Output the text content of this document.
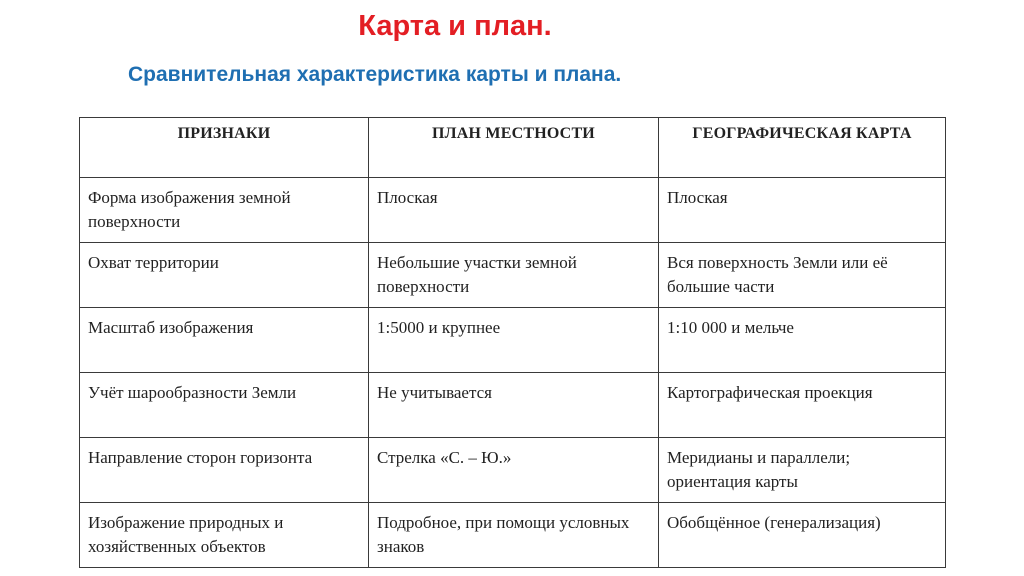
Карта и план.
Сравнительная характеристика карты и плана.
ПРИЗНАКИ	ПЛАН МЕСТНОСТИ	ГЕОГРАФИЧЕСКАЯ КАРТА
Форма изображения земной поверхности	Плоская	Плоская
Охват территории	Небольшие участки земной поверхности	Вся поверхность Земли или её большие части
Масштаб изображения	1:5000 и крупнее	1:10 000 и мельче
Учёт шарообразности Земли	Не учитывается	Картографическая проекция
Направление сторон горизонта	Стрелка «С. – Ю.»	Меридианы и параллели; ориентация карты
Изображение природных и хозяйственных объектов	Подробное, при помощи условных знаков	Обобщённое (генерализация)
